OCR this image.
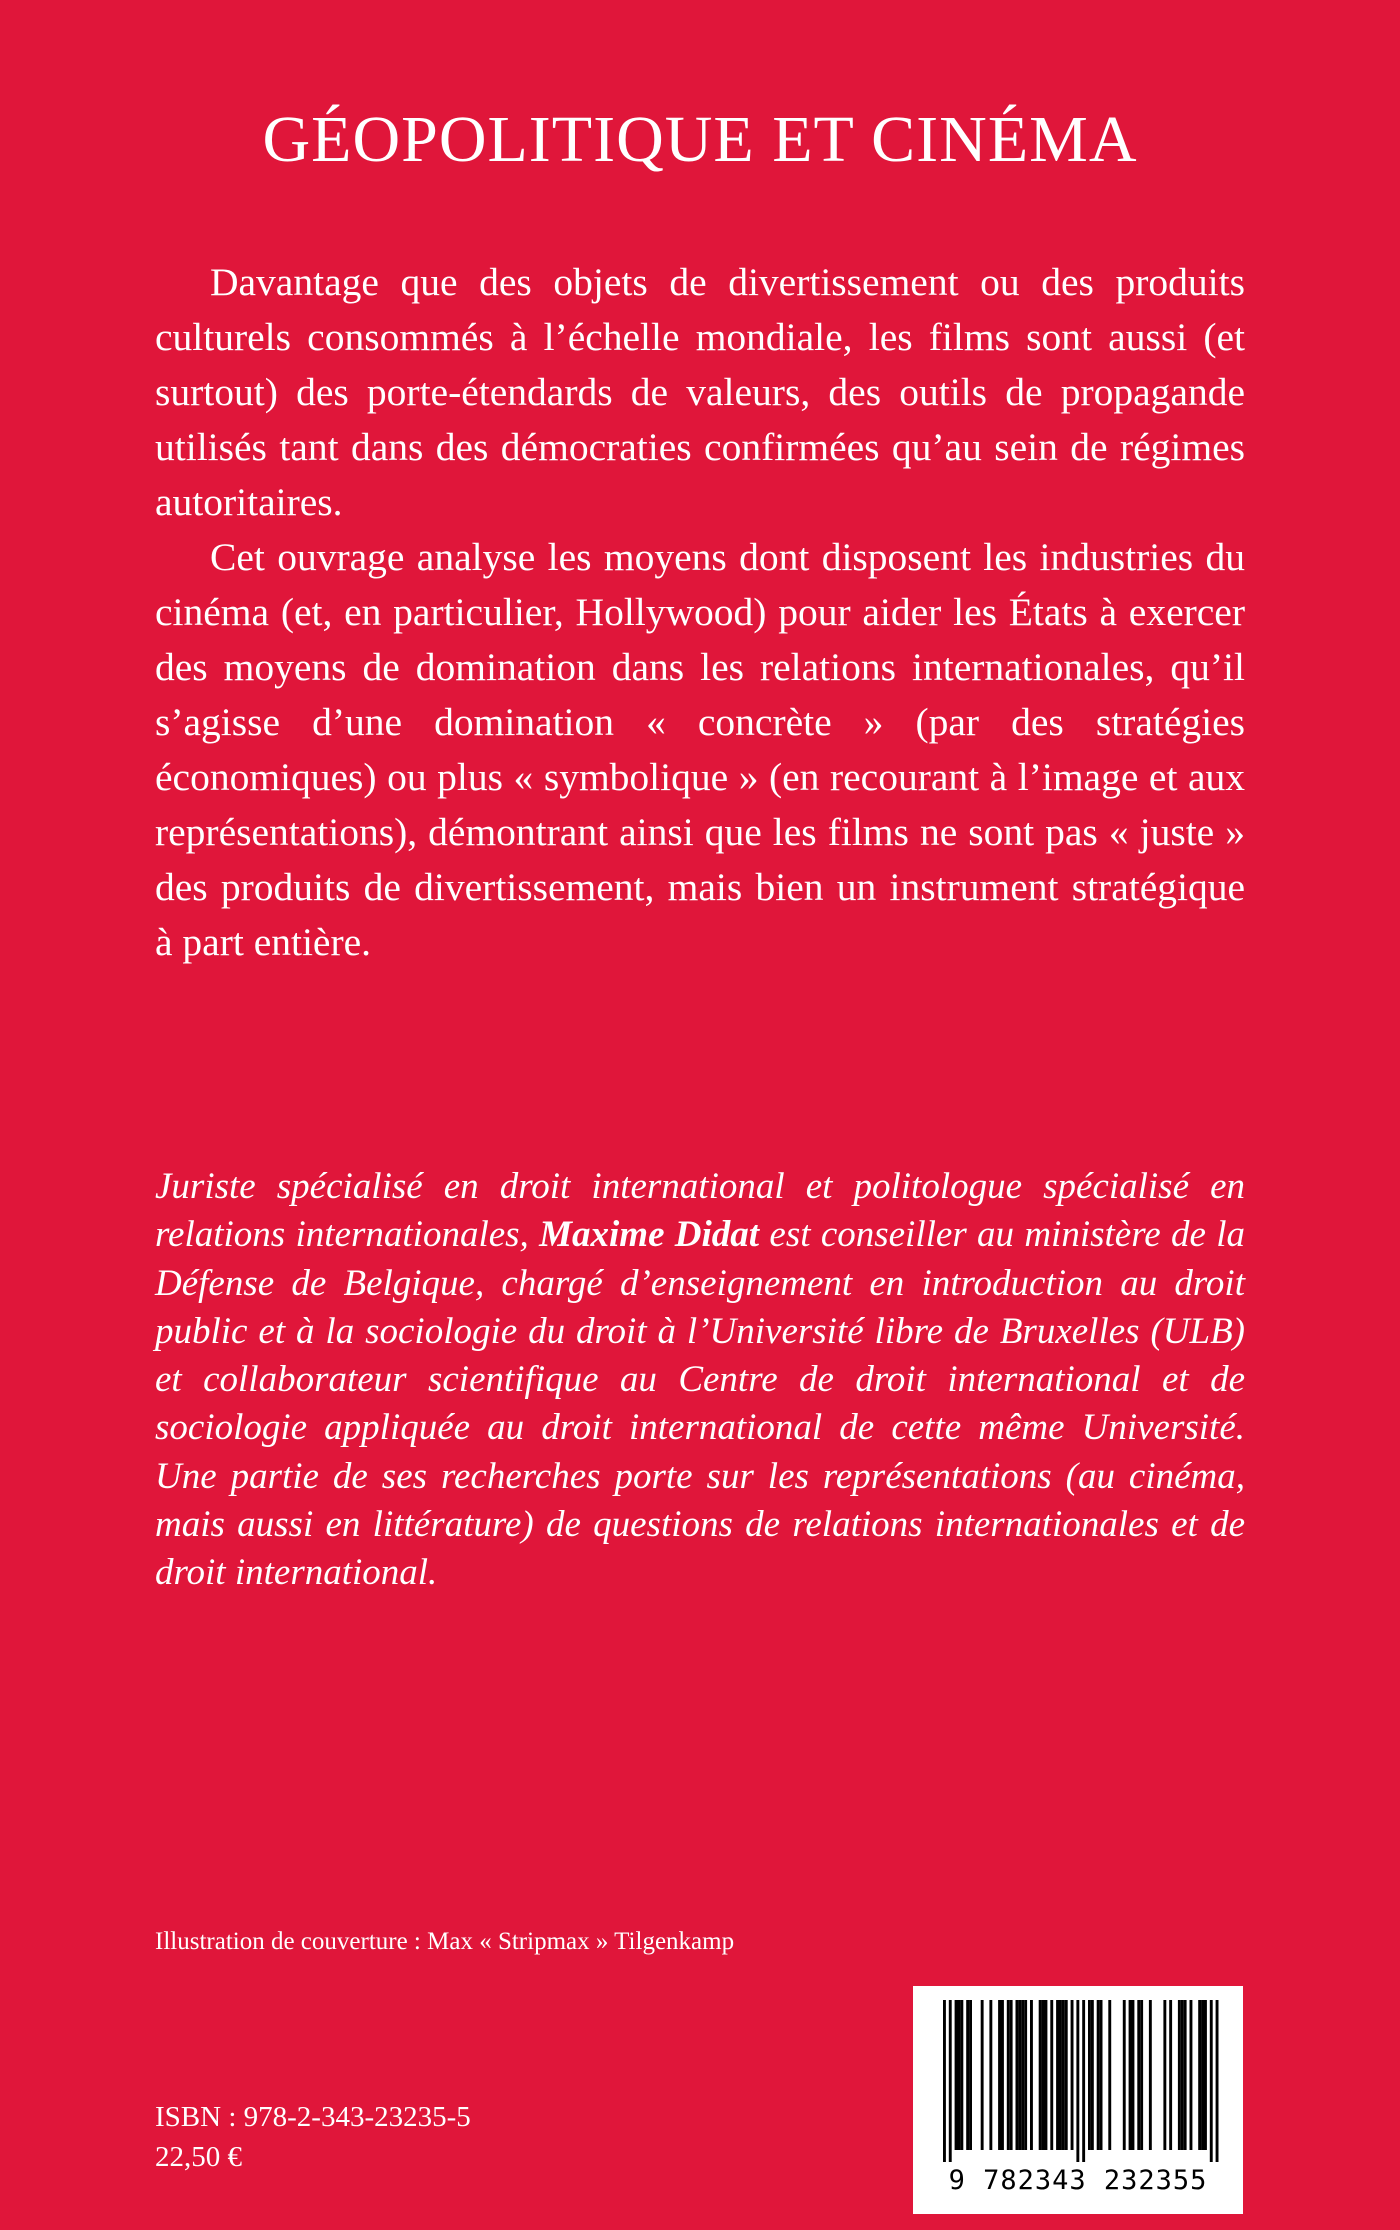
GÉOPOLITIQUE ET CINÉMA

Davantage que des objets de divertissement ou des produits culturels consommés à l’échelle mondiale, les films sont aussi (et surtout) des porte-étendards de valeurs, des outils de propagande utilisés tant dans des démocraties confirmées qu’au sein de régimes autoritaires.

Cet ouvrage analyse les moyens dont disposent les industries du cinéma (et, en particulier, Hollywood) pour aider les États à exercer des moyens de domination dans les relations internationales, qu’il s’agisse d’une domination « concrète » (par des stratégies économiques) ou plus « symbolique » (en recourant à l’image et aux représentations), démontrant ainsi que les films ne sont pas « juste » des produits de divertissement, mais bien un instrument stratégique à part entière.

Juriste spécialisé en droit international et politologue spécialisé en relations internationales, Maxime Didat est conseiller au ministère de la Défense de Belgique, chargé d’enseignement en introduction au droit public et à la sociologie du droit à l’Université libre de Bruxelles (ULB) et collaborateur scientifique au Centre de droit international et de sociologie appliquée au droit international de cette même Université. Une partie de ses recherches porte sur les représentations (au cinéma, mais aussi en littérature) de questions de relations internationales et de droit international.

Illustration de couverture : Max « Stripmax » Tilgenkamp
ISBN : 978-2-343-23235-5
22,50 €
9 782343 232355
